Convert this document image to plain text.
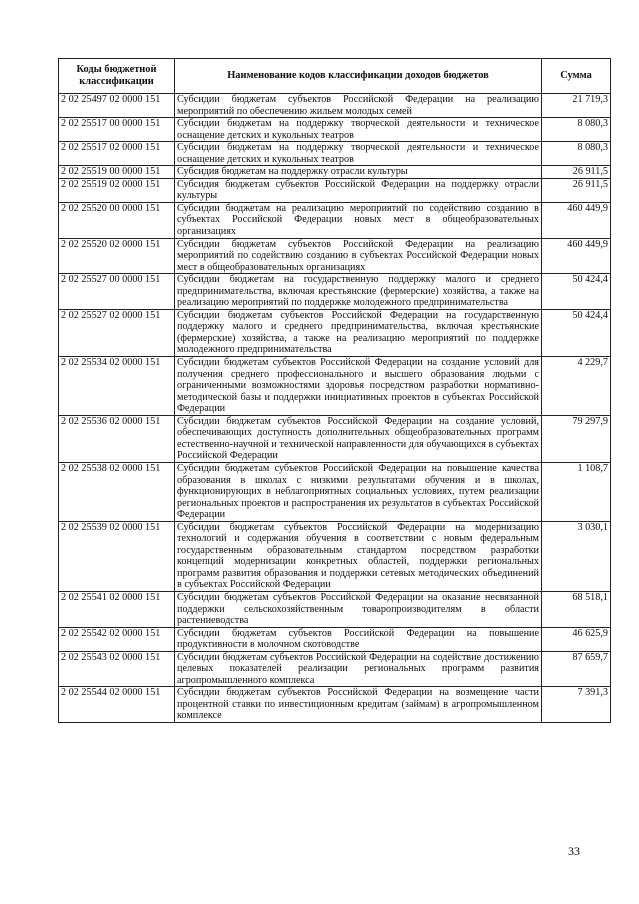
Коды бюджетной классификации	Наименование кодов классификации доходов бюджетов	Сумма
2 02 25497 02 0000 151	Субсидии бюджетам субъектов Российской Федерации на реализацию мероприятий по обеспечению жильем молодых семей	21 719,3
2 02 25517 00 0000 151	Субсидии бюджетам на поддержку творческой деятельности и техническое оснащение детских и кукольных театров	8 080,3
2 02 25517 02 0000 151	Субсидии бюджетам на поддержку творческой деятельности и техническое оснащение детских и кукольных театров	8 080,3
2 02 25519 00 0000 151	Субсидия бюджетам на поддержку отрасли культуры	26 911,5
2 02 25519 02 0000 151	Субсидия бюджетам субъектов Российской Федерации на поддержку отрасли культуры	26 911,5
2 02 25520 00 0000 151	Субсидии бюджетам на реализацию мероприятий по содействию созданию в субъектах Российской Федерации новых мест в общеобразовательных организациях	460 449,9
2 02 25520 02 0000 151	Субсидии бюджетам субъектов Российской Федерации на реализацию мероприятий по содействию созданию в субъектах Российской Федерации новых мест в общеобразовательных организациях	460 449,9
2 02 25527 00 0000 151	Субсидии бюджетам на государственную поддержку малого и среднего предпринимательства, включая крестьянские (фермерские) хозяйства, а также на реализацию мероприятий по поддержке молодежного предпринимательства	50 424,4
2 02 25527 02 0000 151	Субсидии бюджетам субъектов Российской Федерации на государственную поддержку малого и среднего предпринимательства, включая крестьянские (фермерские) хозяйства, а также на реализацию мероприятий по поддержке молодежного предпринимательства	50 424,4
2 02 25534 02 0000 151	Субсидии бюджетам субъектов Российской Федерации на создание условий для получения среднего профессионального и высшего образования людьми с ограниченными возможностями здоровья посредством разработки нормативно-методической базы и поддержки инициативных проектов в субъектах Российской Федерации	4 229,7
2 02 25536 02 0000 151	Субсидии бюджетам субъектов Российской Федерации на создание условий, обеспечивающих доступность дополнительных общеобразовательных программ естественно-научной и технической направленности для обучающихся в субъектах Российской Федерации	79 297,9
2 02 25538 02 0000 151	Субсидии бюджетам субъектов Российской Федерации на повышение качества образования в школах с низкими результатами обучения и в школах, функционирующих в неблагоприятных социальных условиях, путем реализации региональных проектов и распространения их результатов в субъектах Российской Федерации	1 108,7
2 02 25539 02 0000 151	Субсидии бюджетам субъектов Российской Федерации на модернизацию технологий и содержания обучения в соответствии с новым федеральным государственным образовательным стандартом посредством разработки концепций модернизации конкретных областей, поддержки региональных программ развития образования и поддержки сетевых методических объединений в субъектах Российской Федерации	3 030,1
2 02 25541 02 0000 151	Субсидии бюджетам субъектов Российской Федерации на оказание несвязанной поддержки сельскохозяйственным товаропроизводителям в области растениеводства	68 518,1
2 02 25542 02 0000 151	Субсидии бюджетам субъектов Российской Федерации на повышение продуктивности в молочном скотоводстве	46 625,9
2 02 25543 02 0000 151	Субсидии бюджетам субъектов Российской Федерации на содействие достижению целевых показателей реализации региональных программ развития агропромышленного комплекса	87 659,7
2 02 25544 02 0000 151	Субсидии бюджетам субъектов Российской Федерации на возмещение части процентной ставки по инвестиционным кредитам (займам) в агропромышленном комплексе	7 391,3
33
